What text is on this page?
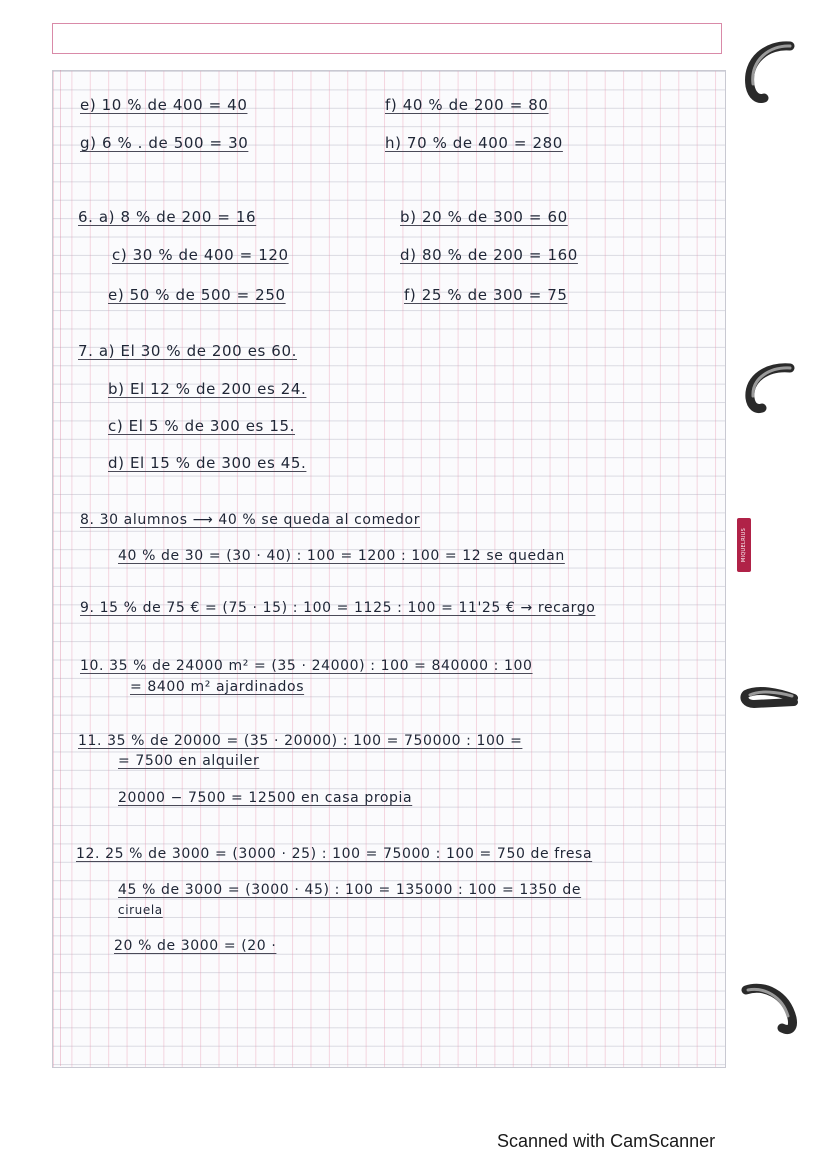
e) 10 % de 400 = 40	f) 40 % de 200 = 80
g) 6 % . de 500 = 30	h) 70 % de 400 = 280
6. a) 8 % de 200 = 16	b) 20 % de 300 = 60
c) 30 % de 400 = 120	d) 80 % de 200 = 160
e) 50 % de 500 = 250	f) 25 % de 300 = 75
7. a) El 30 % de 200 es 60.
b) El 12 % de 200 es 24.
c) El 5 % de 300 es 15.
d) El 15 % de 300 es 45.
8. 30 alumnos ⟶ 40 % se queda al comedor
40 % de 30 = (30 · 40) : 100 = 1200 : 100 = 12 se quedan
9. 15 % de 75 € = (75 · 15) : 100 = 1125 : 100 = 11'25 € → recargo
10. 35 % de 24000 m² = (35 · 24000) : 100 = 840000 : 100
= 8400 m² ajardinados
11. 35 % de 20000 = (35 · 20000) : 100 = 750000 : 100 =
= 7500 en alquiler
20000 − 7500 = 12500 en casa propia
12. 25 % de 3000 = (3000 · 25) : 100 = 75000 : 100 = 750 de fresa
45 % de 3000 = (3000 · 45) : 100 = 135000 : 100 = 1350 de
ciruela
20 % de 3000 = (20 ·
MIQUELRIUS
Scanned with CamScanner
